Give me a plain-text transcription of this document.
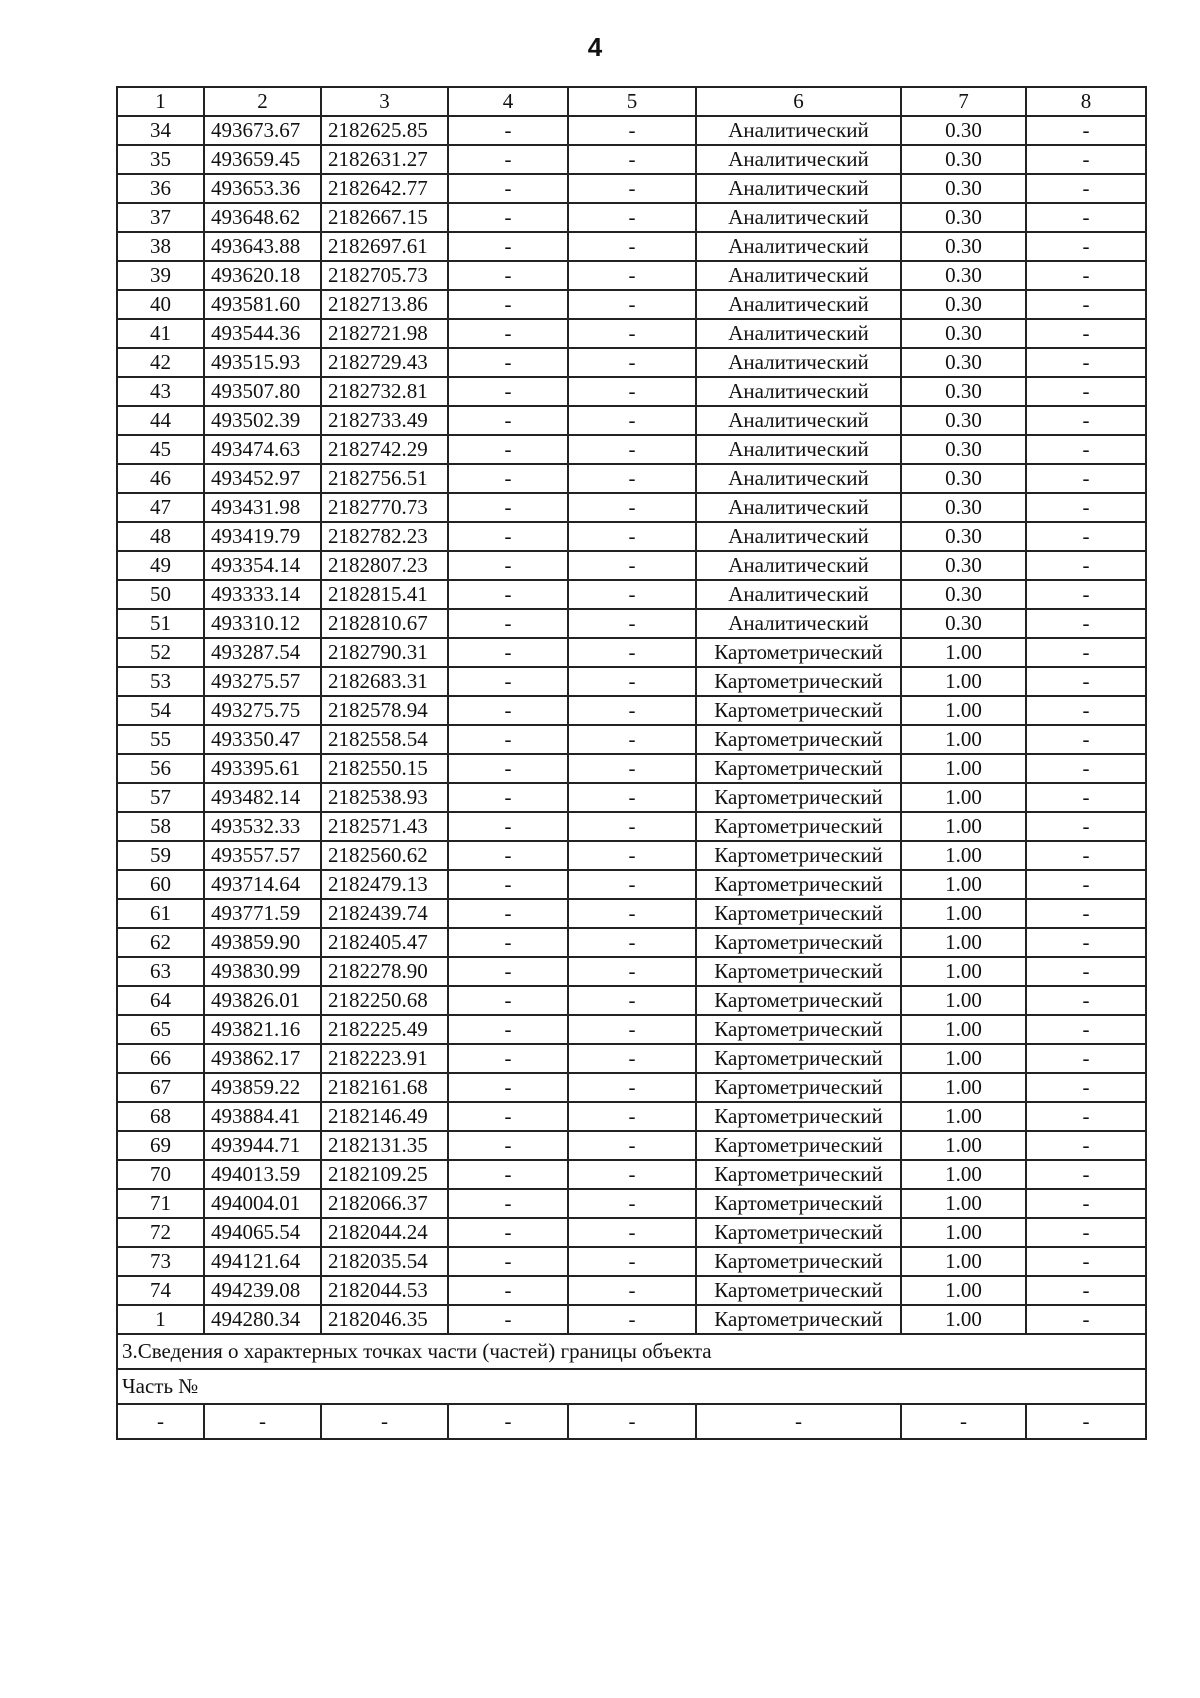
4
1	2	3	4	5	6	7	8
34	493673.67	2182625.85	-	-	Аналитический	0.30	-
35	493659.45	2182631.27	-	-	Аналитический	0.30	-
36	493653.36	2182642.77	-	-	Аналитический	0.30	-
37	493648.62	2182667.15	-	-	Аналитический	0.30	-
38	493643.88	2182697.61	-	-	Аналитический	0.30	-
39	493620.18	2182705.73	-	-	Аналитический	0.30	-
40	493581.60	2182713.86	-	-	Аналитический	0.30	-
41	493544.36	2182721.98	-	-	Аналитический	0.30	-
42	493515.93	2182729.43	-	-	Аналитический	0.30	-
43	493507.80	2182732.81	-	-	Аналитический	0.30	-
44	493502.39	2182733.49	-	-	Аналитический	0.30	-
45	493474.63	2182742.29	-	-	Аналитический	0.30	-
46	493452.97	2182756.51	-	-	Аналитический	0.30	-
47	493431.98	2182770.73	-	-	Аналитический	0.30	-
48	493419.79	2182782.23	-	-	Аналитический	0.30	-
49	493354.14	2182807.23	-	-	Аналитический	0.30	-
50	493333.14	2182815.41	-	-	Аналитический	0.30	-
51	493310.12	2182810.67	-	-	Аналитический	0.30	-
52	493287.54	2182790.31	-	-	Картометрический	1.00	-
53	493275.57	2182683.31	-	-	Картометрический	1.00	-
54	493275.75	2182578.94	-	-	Картометрический	1.00	-
55	493350.47	2182558.54	-	-	Картометрический	1.00	-
56	493395.61	2182550.15	-	-	Картометрический	1.00	-
57	493482.14	2182538.93	-	-	Картометрический	1.00	-
58	493532.33	2182571.43	-	-	Картометрический	1.00	-
59	493557.57	2182560.62	-	-	Картометрический	1.00	-
60	493714.64	2182479.13	-	-	Картометрический	1.00	-
61	493771.59	2182439.74	-	-	Картометрический	1.00	-
62	493859.90	2182405.47	-	-	Картометрический	1.00	-
63	493830.99	2182278.90	-	-	Картометрический	1.00	-
64	493826.01	2182250.68	-	-	Картометрический	1.00	-
65	493821.16	2182225.49	-	-	Картометрический	1.00	-
66	493862.17	2182223.91	-	-	Картометрический	1.00	-
67	493859.22	2182161.68	-	-	Картометрический	1.00	-
68	493884.41	2182146.49	-	-	Картометрический	1.00	-
69	493944.71	2182131.35	-	-	Картометрический	1.00	-
70	494013.59	2182109.25	-	-	Картометрический	1.00	-
71	494004.01	2182066.37	-	-	Картометрический	1.00	-
72	494065.54	2182044.24	-	-	Картометрический	1.00	-
73	494121.64	2182035.54	-	-	Картометрический	1.00	-
74	494239.08	2182044.53	-	-	Картометрический	1.00	-
1	494280.34	2182046.35	-	-	Картометрический	1.00	-
3.Сведения о характерных точках части (частей) границы объекта							
Часть №							
-	-	-	-	-	-	-	-
